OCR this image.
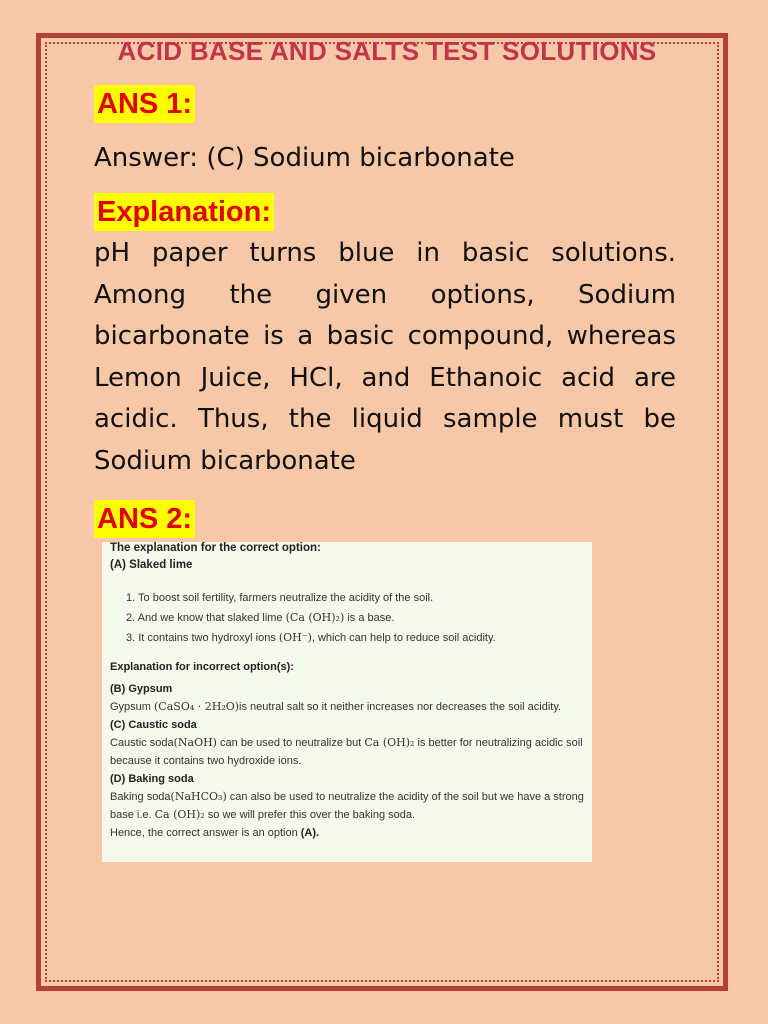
ACID BASE AND SALTS TEST SOLUTIONS
ANS 1:
Answer: (C) Sodium bicarbonate
Explanation:

pH paper turns blue in basic solutions. Among the given options, Sodium bicarbonate is a basic compound, whereas Lemon Juice, HCl, and Ethanoic acid are acidic. Thus, the liquid sample must be Sodium bicarbonate

ANS 2:

The explanation for the correct option:

(A) Slaked lime

1. To boost soil fertility, farmers neutralize the acidity of the soil.
2. And we know that slaked lime (Ca (OH)₂) is a base.
3. It contains two hydroxyl ions (OH⁻), which can help to reduce soil acidity.
Explanation for incorrect option(s):
(B) Gypsum
Gypsum (CaSO₄ · 2H₂O)is neutral salt so it neither increases nor decreases the soil acidity.
(C) Caustic soda
Caustic soda(NaOH) can be used to neutralize but Ca (OH)₂ is better for neutralizing acidic soil because it contains two hydroxide ions.
(D) Baking soda
Baking soda(NaHCO₃) can also be used to neutralize the acidity of the soil but we have a strong base i.e. Ca (OH)₂ so we will prefer this over the baking soda.
Hence, the correct answer is an option (A).
